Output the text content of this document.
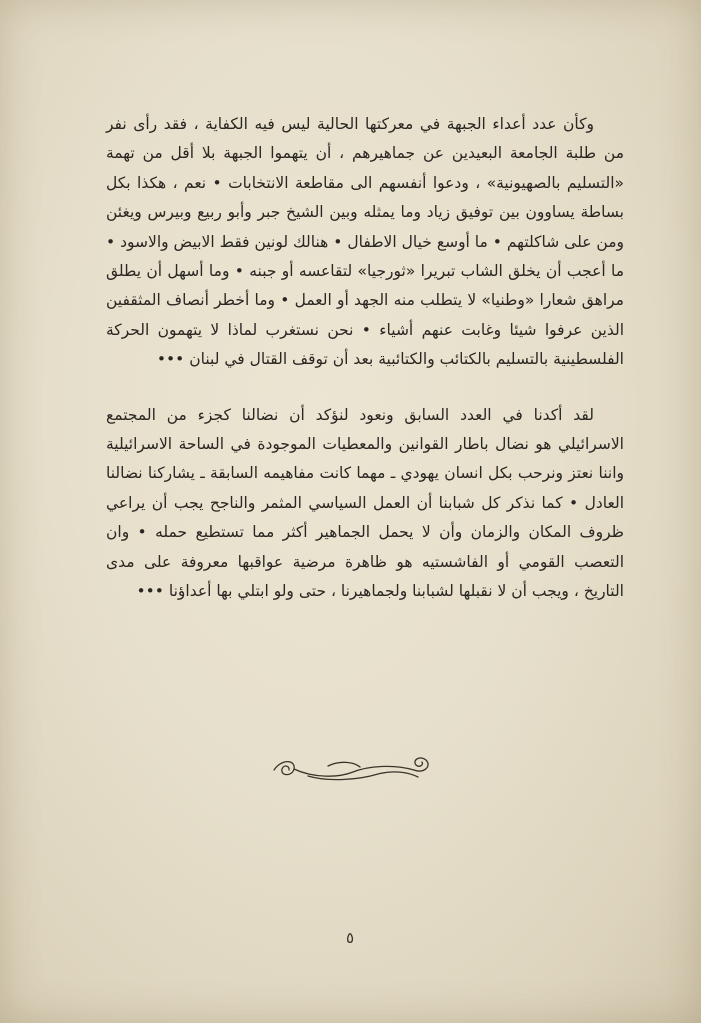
وكأن عدد أعداء الجبهة في معركتها الحالية ليس فيه الكفاية ، فقد رأى نفر من طلبة الجامعة البعيدين عن جماهيرهم ، أن يتهموا الجبهة بلا أقل من تهمة «التسليم بالصهيونية» ، ودعوا أنفسهم الى مقاطعة الانتخابات • نعم ، هكذا بكل بساطة يساوون بين توفيق زياد وما يمثله وبين الشيخ جبر وأبو ربيع وبيرس ويغئن ومن على شاكلتهم • ما أوسع خيال الاطفال • هنالك لونين فقط الابيض والاسود • ما أعجب أن يخلق الشاب تبريرا «ثورجيا» لتقاعسه أو جبنه • وما أسهل أن يطلق مراهق شعارا «وطنيا» لا يتطلب منه الجهد أو العمل • وما أخطر أنصاف المثقفين الذين عرفوا شيئا وغابت عنهم أشياء • نحن نستغرب لماذا لا يتهمون الحركة الفلسطينية بالتسليم بالكتائب والكتائبية بعد أن توقف القتال في لبنان •••

لقد أكدنا في العدد السابق ونعود لنؤكد أن نضالنا كجزء من المجتمع الاسرائيلي هو نضال باطار القوانين والمعطيات الموجودة في الساحة الاسرائيلية واننا نعتز ونرحب بكل انسان يهودي ـ مهما كانت مفاهيمه السابقة ـ يشاركنا نضالنا العادل • كما نذكر كل شبابنا أن العمل السياسي المثمر والناجح يجب أن يراعي ظروف المكان والزمان وأن لا يحمل الجماهير أكثر مما تستطيع حمله • وان التعصب القومي أو الفاشستيه هو ظاهرة مرضية عواقبها معروفة على مدى التاريخ ، ويجب أن لا نقبلها لشبابنا ولجماهيرنا ، حتى ولو ابتلي بها أعداؤنا •••

٥
